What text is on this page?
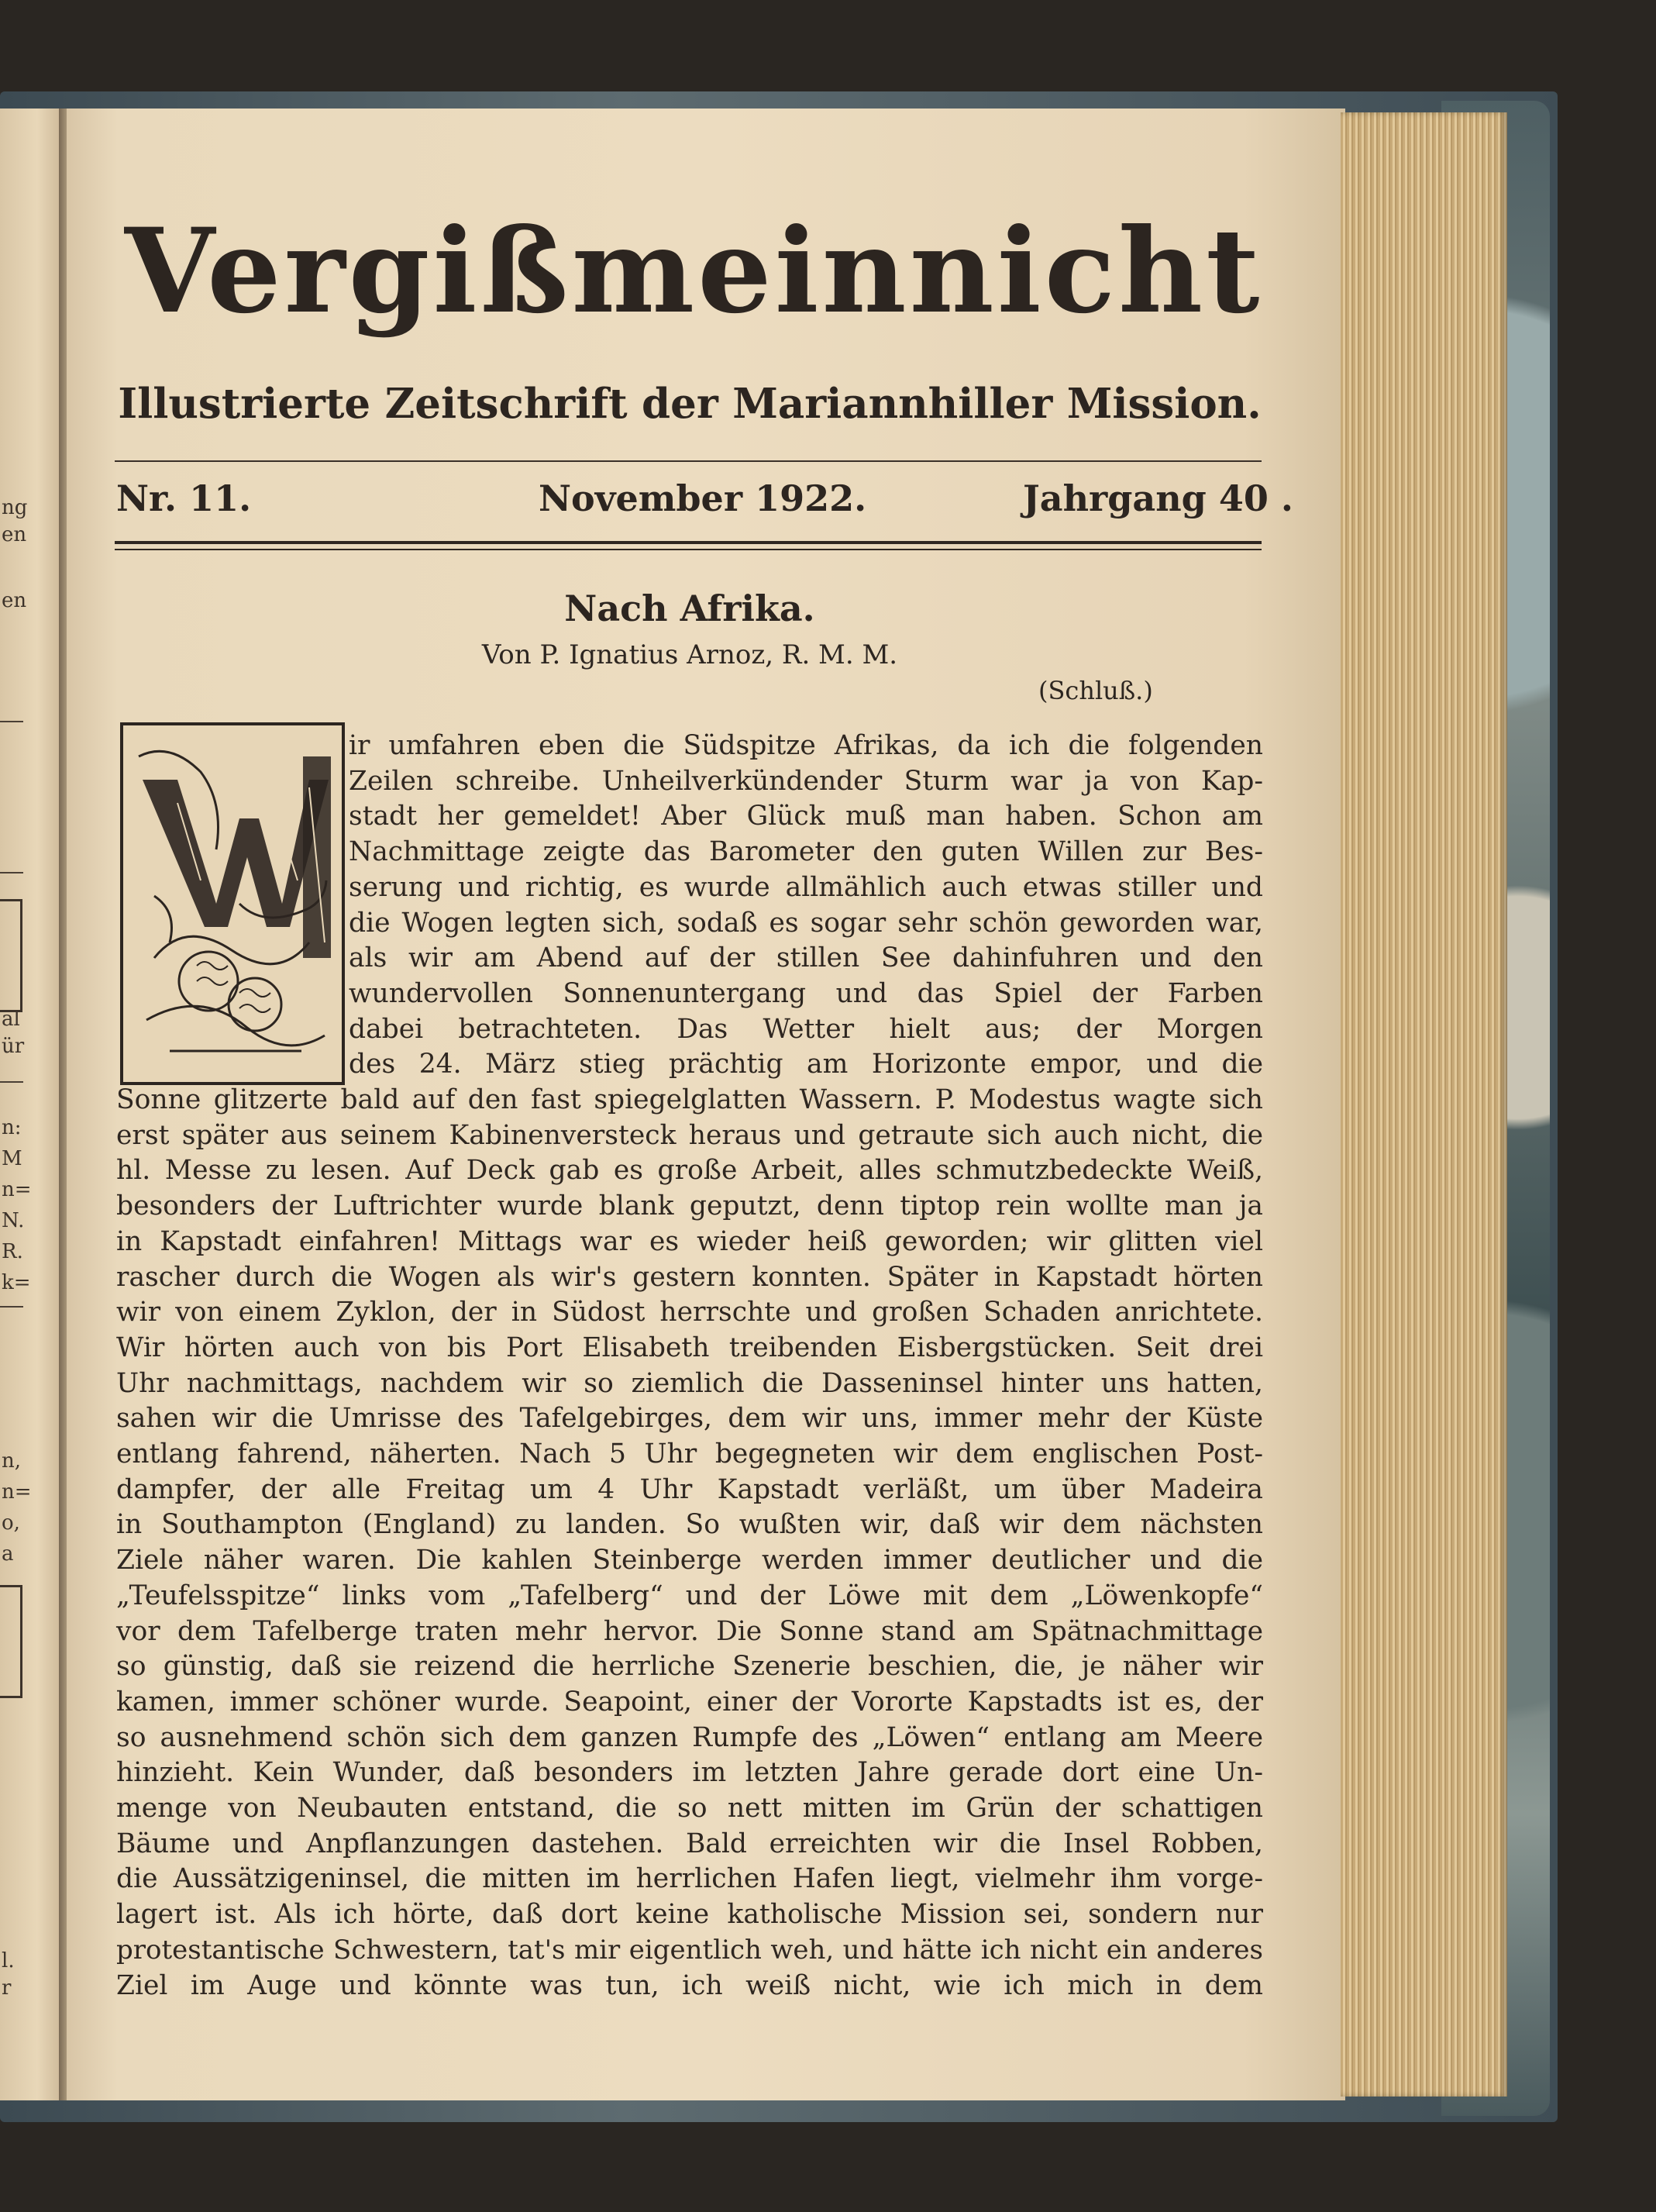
ng
en
en
al
ür
n:
M
n=
N.
R.
k=
n,
n=
o,
a
l.
r
Vergißmeinnicht
Illustrierte Zeitschrift der Mariannhiller Mission.
Nr. 11.	November 1922.	Jahrgang 40 .
Nach Afrika.
Von P. Ignatius Arnoz, R. M. M.
(Schluß.)
W
ir umfahren eben die Südspitze Afrikas, da ich die folgenden
Zeilen schreibe. Unheilverkündender Sturm war ja von Kap-
stadt her gemeldet! Aber Glück muß man haben. Schon am
Nachmittage zeigte das Barometer den guten Willen zur Bes-
serung und richtig, es wurde allmählich auch etwas stiller und
die Wogen legten sich, sodaß es sogar sehr schön geworden war,
als wir am Abend auf der stillen See dahinfuhren und den
wundervollen Sonnenuntergang und das Spiel der Farben
dabei betrachteten. Das Wetter hielt aus; der Morgen
des 24. März stieg prächtig am Horizonte empor, und die
Sonne glitzerte bald auf den fast spiegelglatten Wassern. P. Modestus wagte sich
erst später aus seinem Kabinenversteck heraus und getraute sich auch nicht, die
hl. Messe zu lesen. Auf Deck gab es große Arbeit, alles schmutzbedeckte Weiß,
besonders der Luftrichter wurde blank geputzt, denn tiptop rein wollte man ja
in Kapstadt einfahren! Mittags war es wieder heiß geworden; wir glitten viel
rascher durch die Wogen als wir's gestern konnten. Später in Kapstadt hörten
wir von einem Zyklon, der in Südost herrschte und großen Schaden anrichtete.
Wir hörten auch von bis Port Elisabeth treibenden Eisbergstücken. Seit drei
Uhr nachmittags, nachdem wir so ziemlich die Dasseninsel hinter uns hatten,
sahen wir die Umrisse des Tafelgebirges, dem wir uns, immer mehr der Küste
entlang fahrend, näherten. Nach 5 Uhr begegneten wir dem englischen Post-
dampfer, der alle Freitag um 4 Uhr Kapstadt verläßt, um über Madeira
in Southampton (England) zu landen. So wußten wir, daß wir dem nächsten
Ziele näher waren. Die kahlen Steinberge werden immer deutlicher und die
„Teufelsspitze“ links vom „Tafelberg“ und der Löwe mit dem „Löwenkopfe“
vor dem Tafelberge traten mehr hervor. Die Sonne stand am Spätnachmittage
so günstig, daß sie reizend die herrliche Szenerie beschien, die, je näher wir
kamen, immer schöner wurde. Seapoint, einer der Vororte Kapstadts ist es, der
so ausnehmend schön sich dem ganzen Rumpfe des „Löwen“ entlang am Meere
hinzieht. Kein Wunder, daß besonders im letzten Jahre gerade dort eine Un-
menge von Neubauten entstand, die so nett mitten im Grün der schattigen
Bäume und Anpflanzungen dastehen. Bald erreichten wir die Insel Robben,
die Aussätzigeninsel, die mitten im herrlichen Hafen liegt, vielmehr ihm vorge-
lagert ist. Als ich hörte, daß dort keine katholische Mission sei, sondern nur
protestantische Schwestern, tat's mir eigentlich weh, und hätte ich nicht ein anderes
Ziel im Auge und könnte was tun, ich weiß nicht, wie ich mich in dem
